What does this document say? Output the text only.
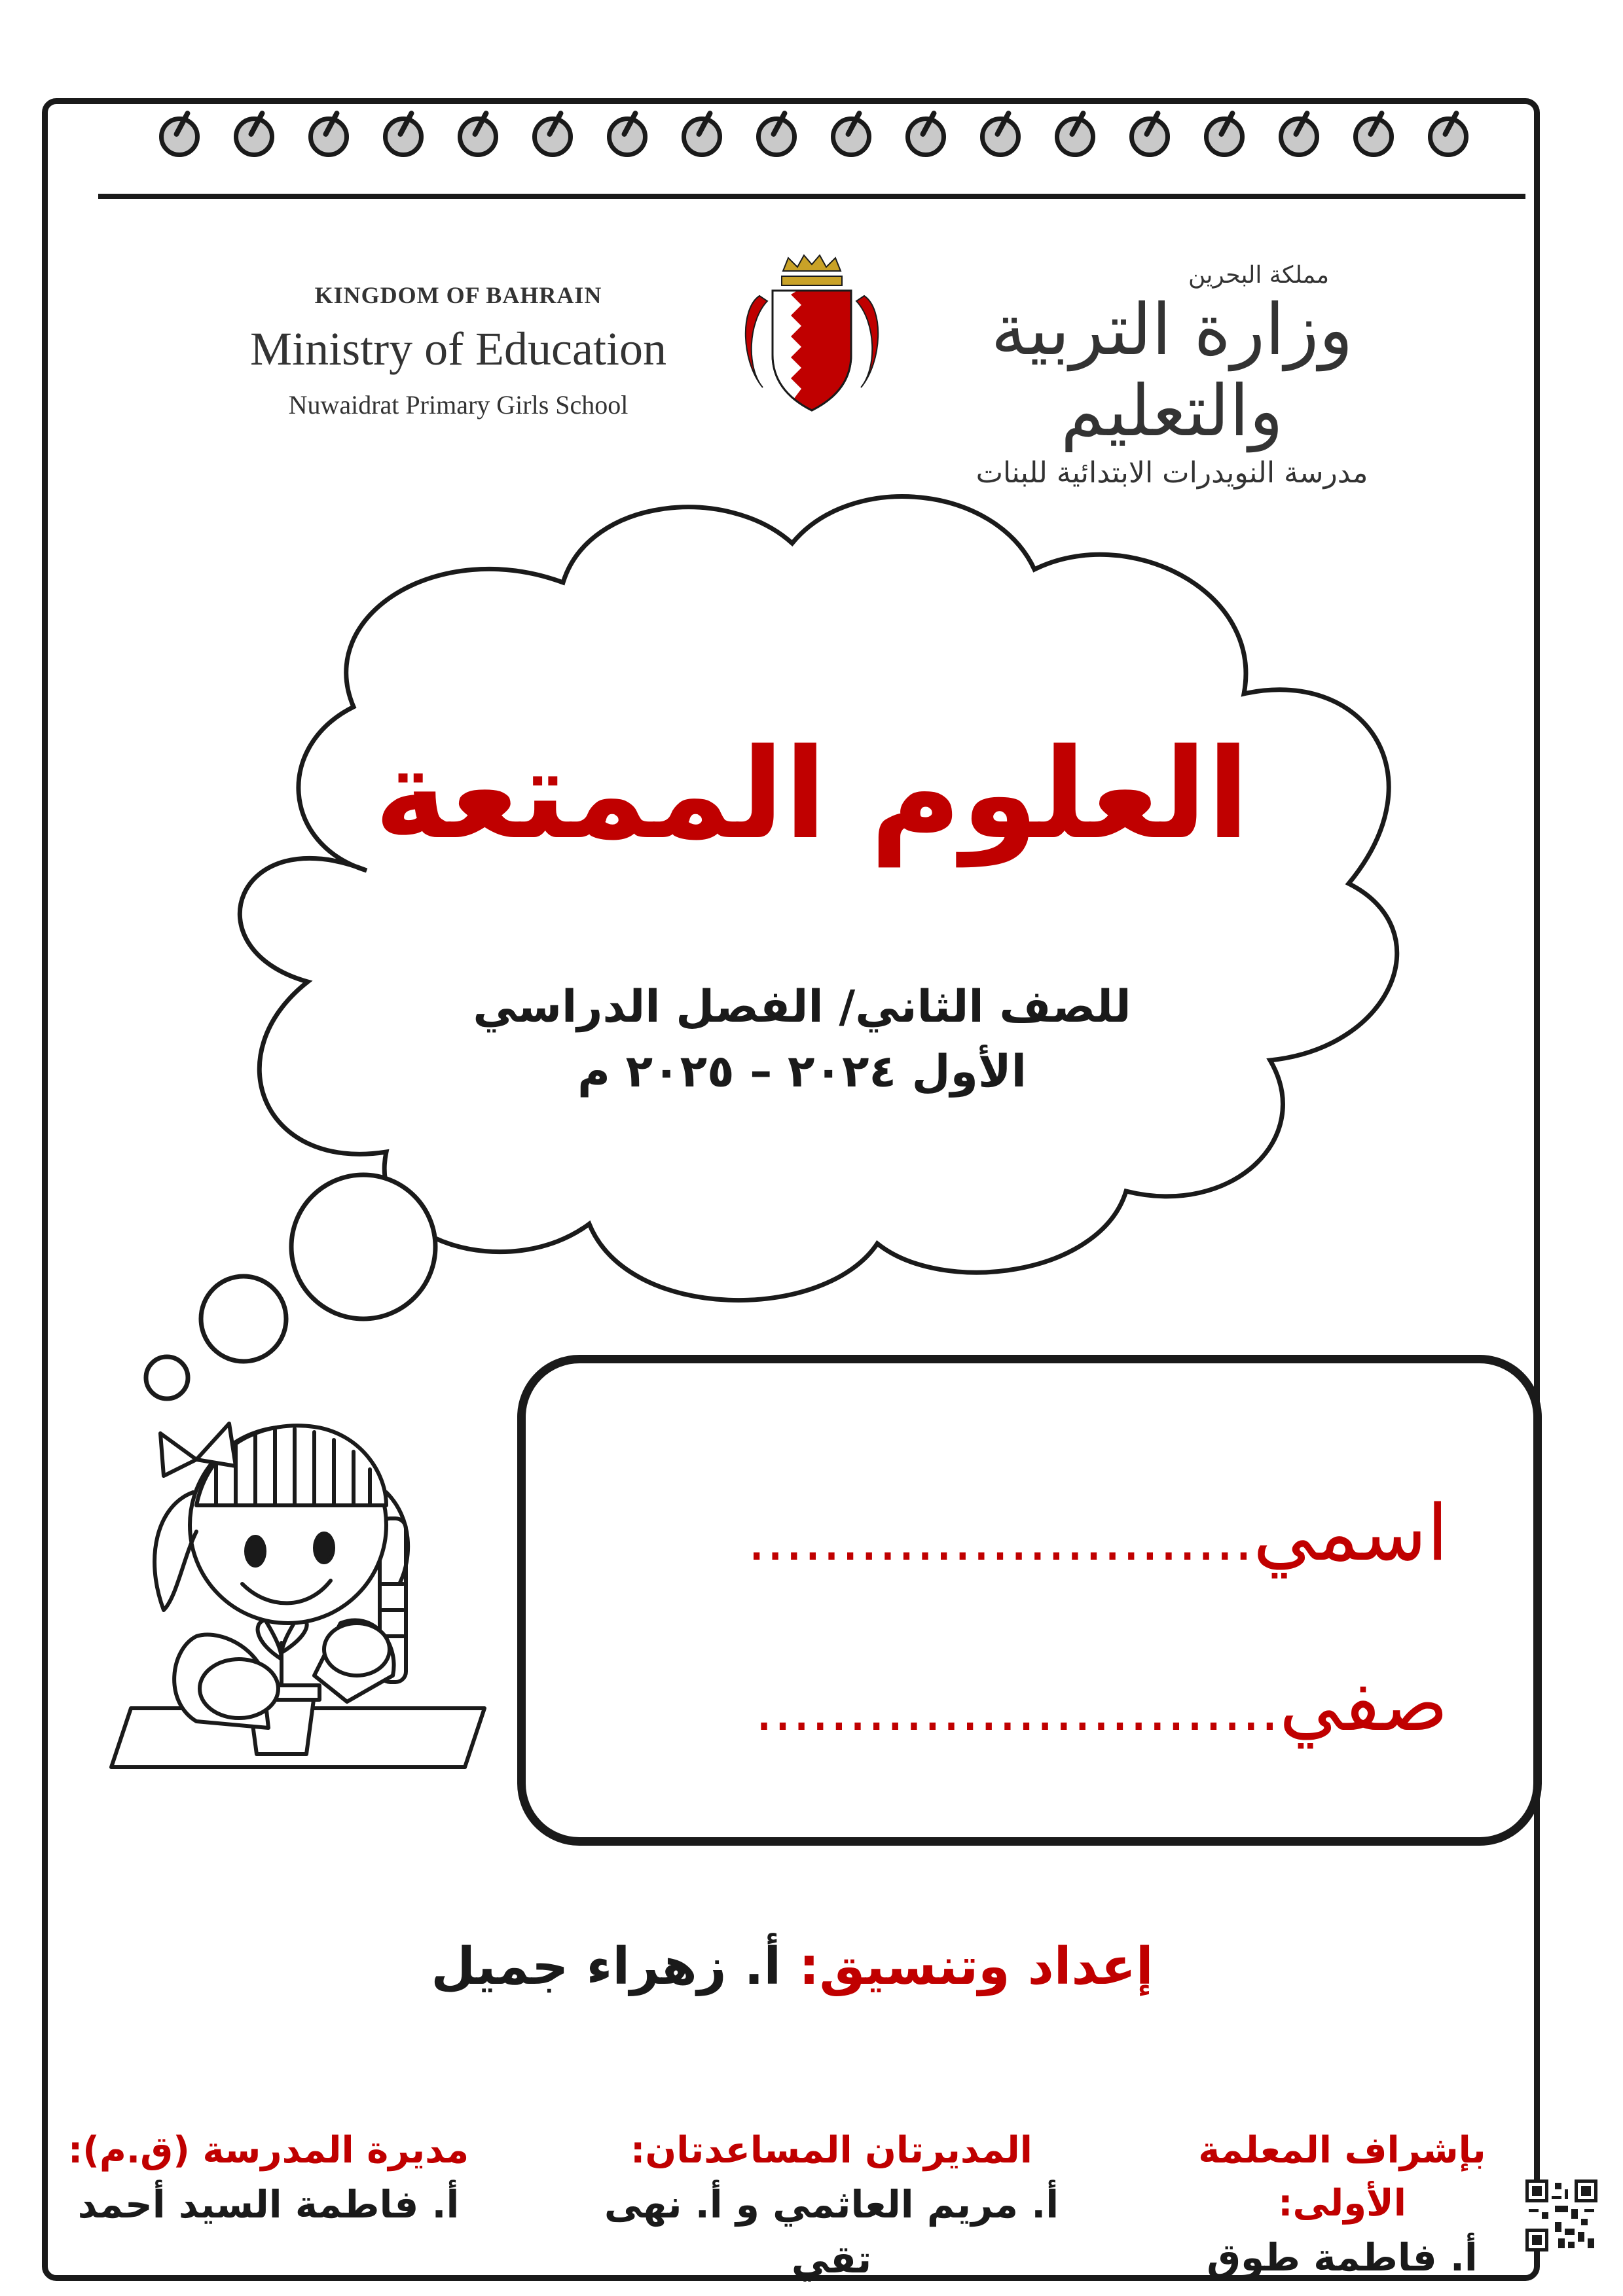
KINGDOM OF BAHRAIN
Ministry of Education
Nuwaidrat Primary Girls School
مملكة البحرين
وزارة التربية والتعليم
مدرسة النويدرات الابتدائية للبنات
العلوم الممتعة
للصف الثاني/ الفصل الدراسي
الأول ٢٠٢٤ – ٢٠٢٥ م
اسمي...........................
صفي............................
إعداد وتنسيق: أ. زهراء جميل
بإشراف المعلمة الأولى:
أ. فاطمة طوق
المديرتان المساعدتان:
أ. مريم العاثمي و أ. نهى تقي
مديرة المدرسة (ق.م):
أ. فاطمة السيد أحمد
